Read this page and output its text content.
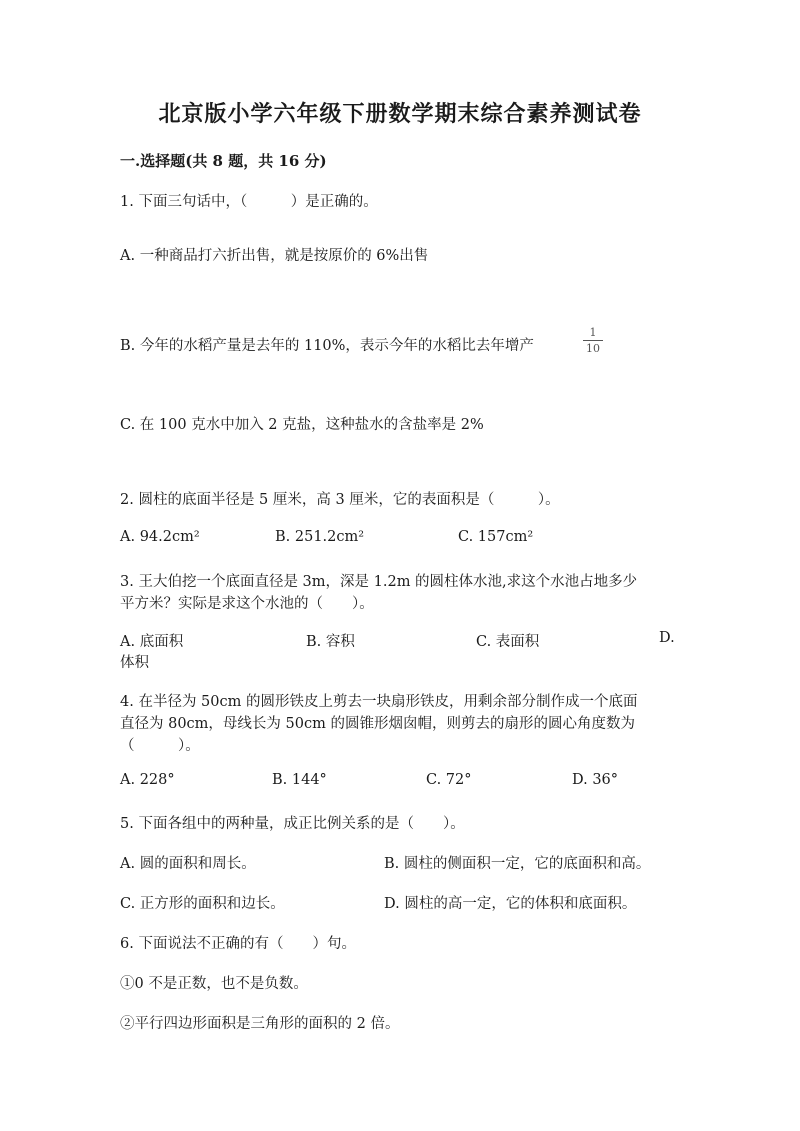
北京版小学六年级下册数学期末综合素养测试卷
一.选择题(共 8 题，共 16 分)
1. 下面三句话中，（　　　）是正确的。
A. 一种商品打六折出售，就是按原价的 6%出售
B. 今年的水稻产量是去年的 110%，表示今年的水稻比去年增产
1
10
C. 在 100 克水中加入 2 克盐，这种盐水的含盐率是 2%
2. 圆柱的底面半径是 5 厘米，高 3 厘米，它的表面积是（　　　）。
A. 94.2cm²	B. 251.2cm²	C. 157cm²
3. 王大伯挖一个底面直径是 3m，深是 1.2m 的圆柱体水池,求这个水池占地多少
平方米？实际是求这个水池的（　　）。
A. 底面积	B. 容积	C. 表面积	D.
体积
4. 在半径为 50cm 的圆形铁皮上剪去一块扇形铁皮，用剩余部分制作成一个底面
直径为 80cm，母线长为 50cm 的圆锥形烟囱帽，则剪去的扇形的圆心角度数为
（　　　）。
A. 228°	B. 144°	C. 72°	D. 36°
5. 下面各组中的两种量，成正比例关系的是（　　）。
A. 圆的面积和周长。	B. 圆柱的侧面积一定，它的底面积和高。
C. 正方形的面积和边长。	D. 圆柱的高一定，它的体积和底面积。
6. 下面说法不正确的有（　　）句。
①0 不是正数，也不是负数。
②平行四边形面积是三角形的面积的 2 倍。
